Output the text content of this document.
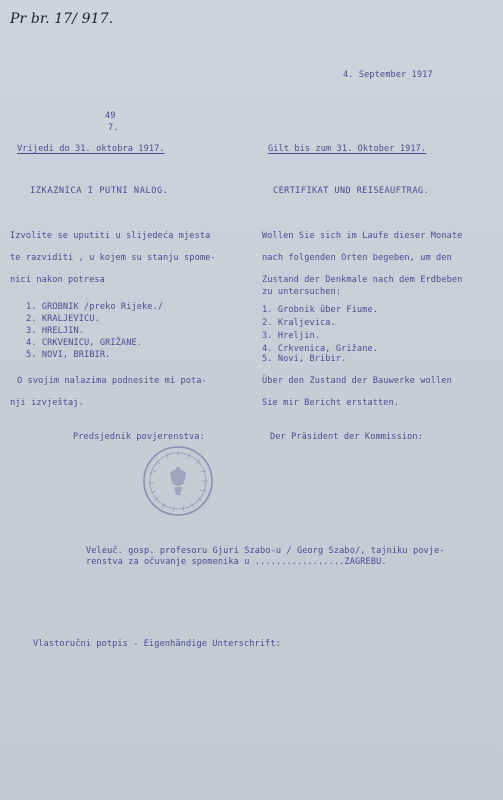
Pr br. 17/ 917.
4. September 1917
49
7.
Vrijedi do 31. oktobra 1917.	Gilt bis zum 31. Oktober 1917.
IZKAZNICA I PUTNI NALOG.	CERTIFIKAT UND REISEAUFTRAG.
Izvolite se uputiti u slijedeća mjesta
te razviditi , u kojem su stanju spome-
nici nakon potresa
Wollen Sie sich im Laufe dieser Monate
nach folgenden Orten begeben, um den
Zustand der Denkmale nach dem Erdbeben
zu untersuchen:
1. GROBNIK /preko Rijeke./
2. KRALJEVICU.
3. HRELJIN.
4. CRKVENICU, GRIŽANE.
5. NOVI, BRIBIR.
1. Grobnik über Fiume.
2. Kraljevica.
3. Hreljin.
4. Crkvenica, Grižane.
5. Novi, Bribir.
O svojim nalazima podnesite mi pota-
nji izvještaj.
Über den Zustand der Bauwerke wollen
Sie mir Bericht erstatten.
Predsjednik povjerenstva:	Der Präsident der Kommission:
Veleuč. gosp. profesoru Gjuri Szabo-u / Georg Szabo/, tajniku povje-
renstva za očuvanje spomenika u .................ZAGREBU.
Vlastoručni potpis - Eigenhändige Unterschrift:
